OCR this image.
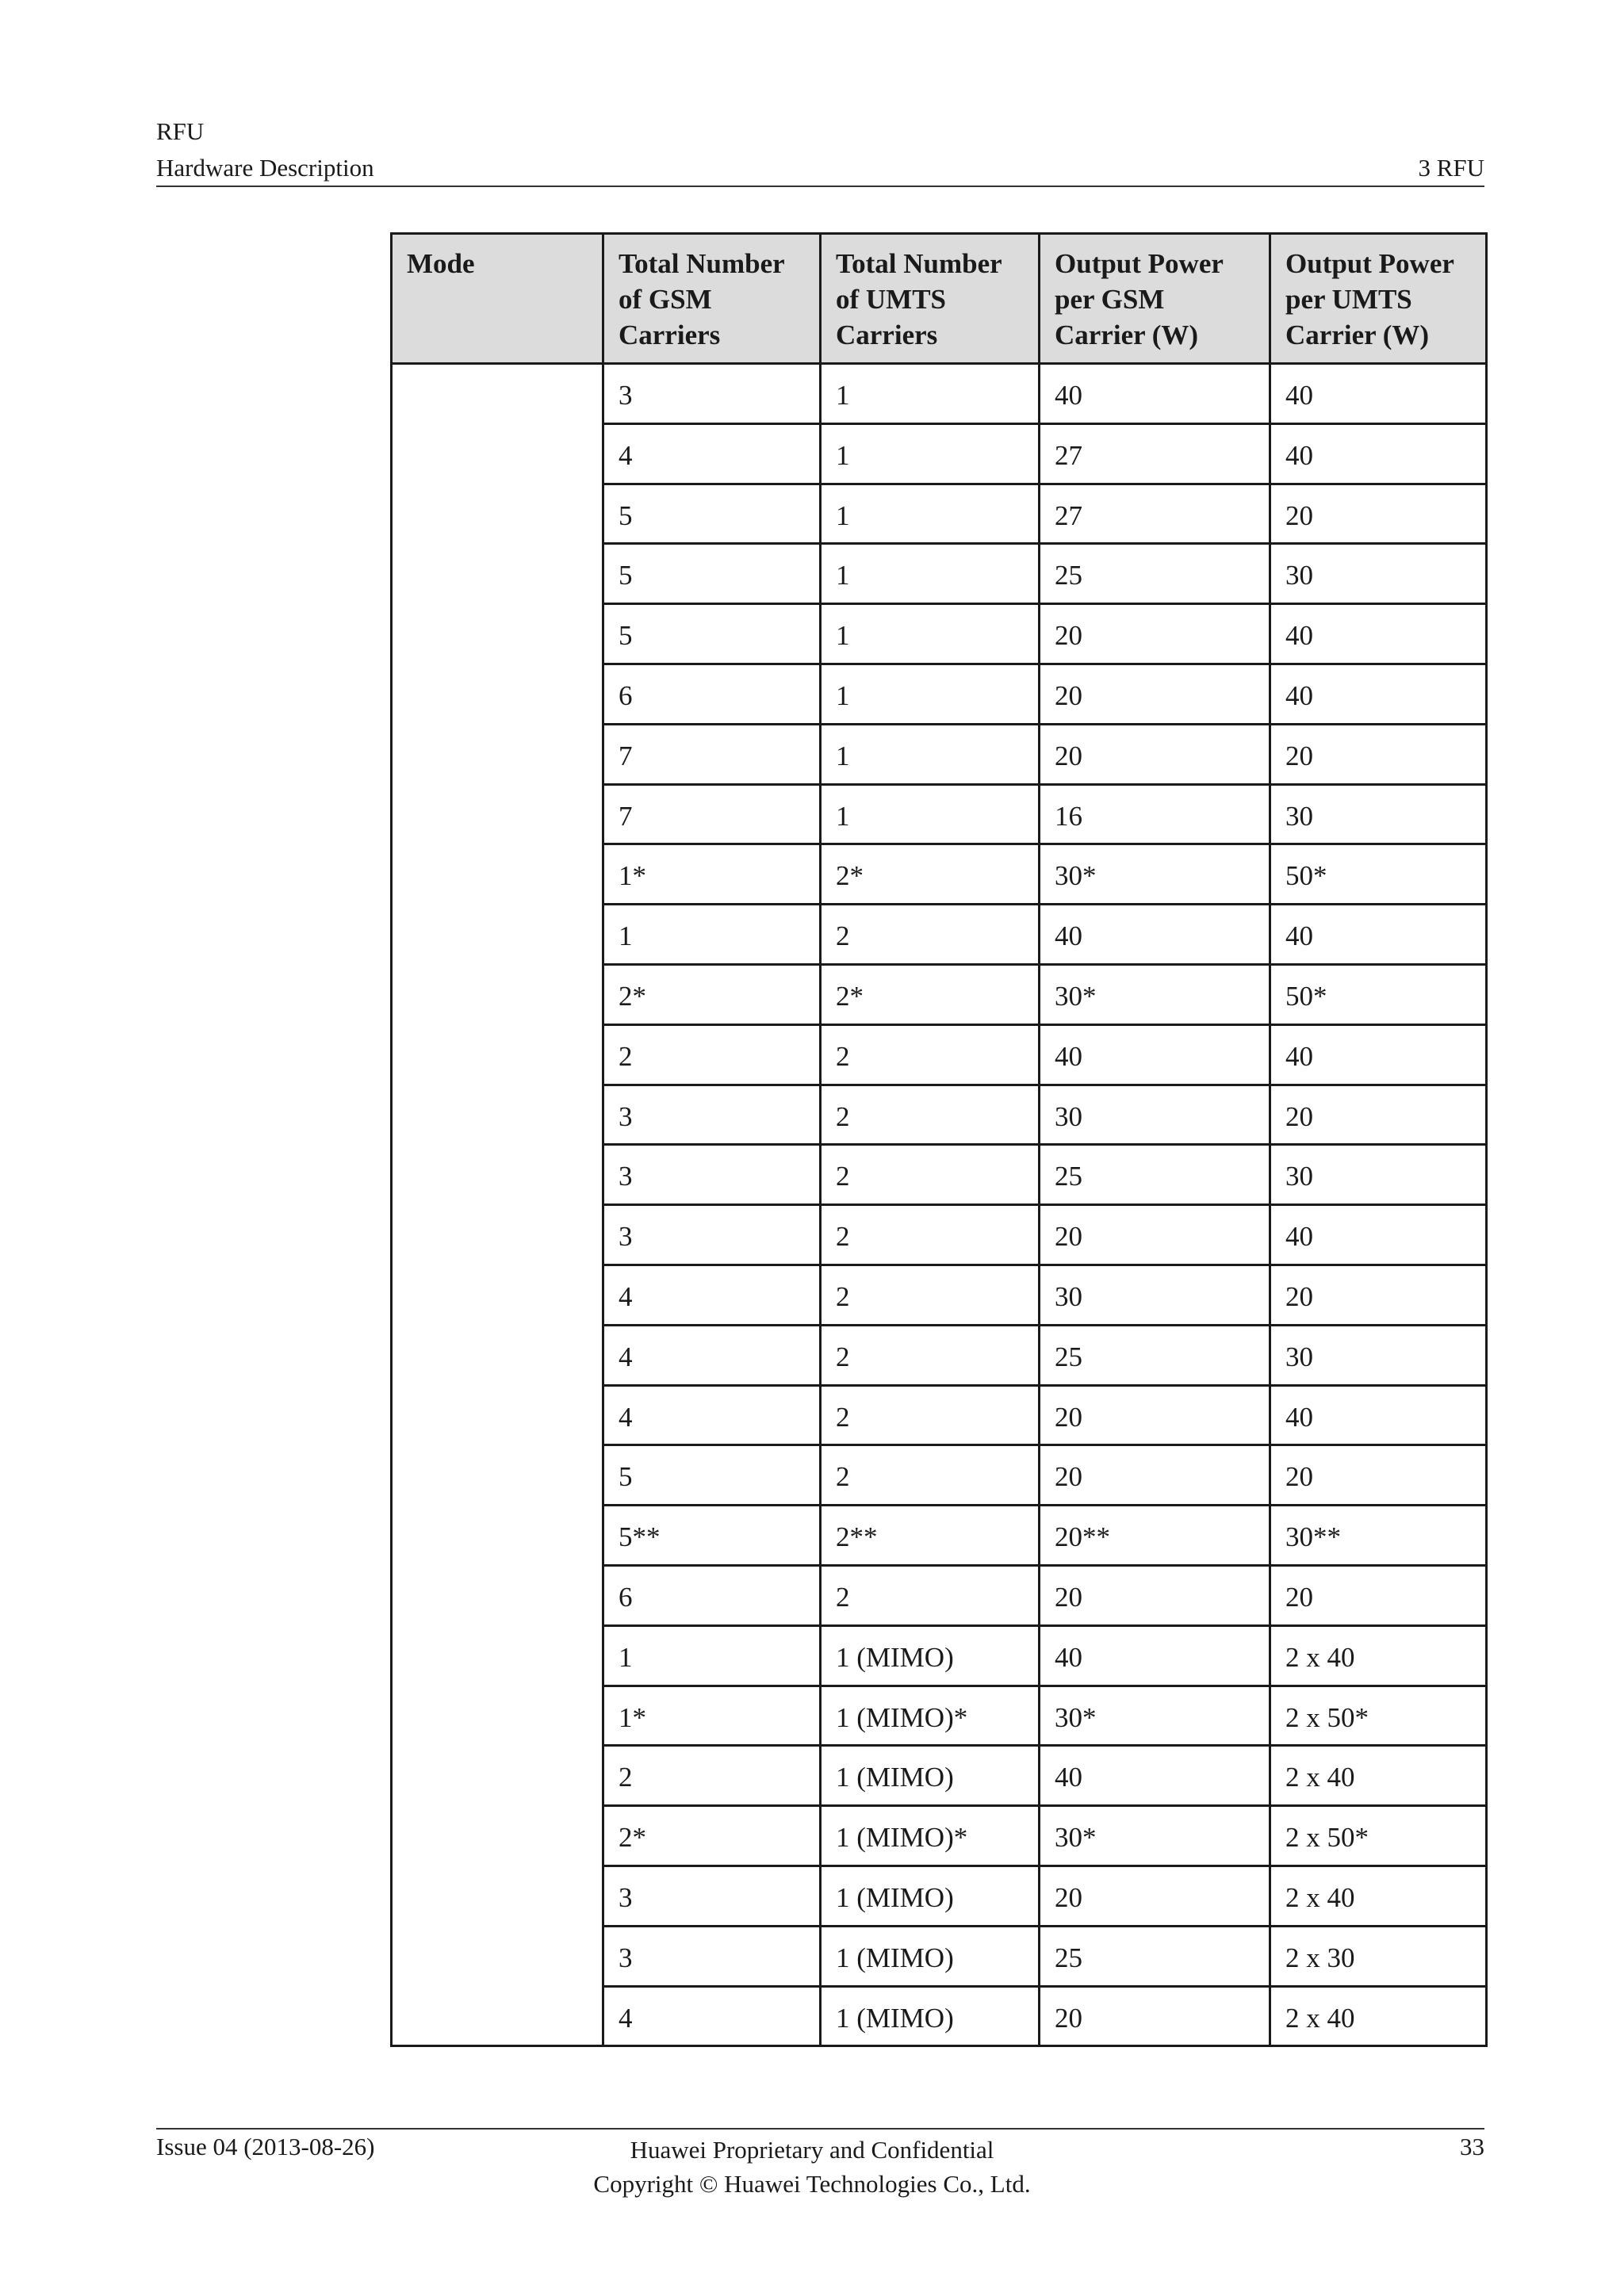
RFU
Hardware Description	3 RFU
Mode	Total Number of GSM Carriers	Total Number of UMTS Carriers	Output Power per GSM Carrier (W)	Output Power per UMTS Carrier (W)
	3	1	40	40
	4	1	27	40
	5	1	27	20
	5	1	25	30
	5	1	20	40
	6	1	20	40
	7	1	20	20
	7	1	16	30
	1*	2*	30*	50*
	1	2	40	40
	2*	2*	30*	50*
	2	2	40	40
	3	2	30	20
	3	2	25	30
	3	2	20	40
	4	2	30	20
	4	2	25	30
	4	2	20	40
	5	2	20	20
	5**	2**	20**	30**
	6	2	20	20
	1	1 (MIMO)	40	2 x 40
	1*	1 (MIMO)*	30*	2 x 50*
	2	1 (MIMO)	40	2 x 40
	2*	1 (MIMO)*	30*	2 x 50*
	3	1 (MIMO)	20	2 x 40
	3	1 (MIMO)	25	2 x 30
	4	1 (MIMO)	20	2 x 40
Issue 04 (2013-08-26)	Huawei Proprietary and Confidential
Copyright © Huawei Technologies Co., Ltd.
33
